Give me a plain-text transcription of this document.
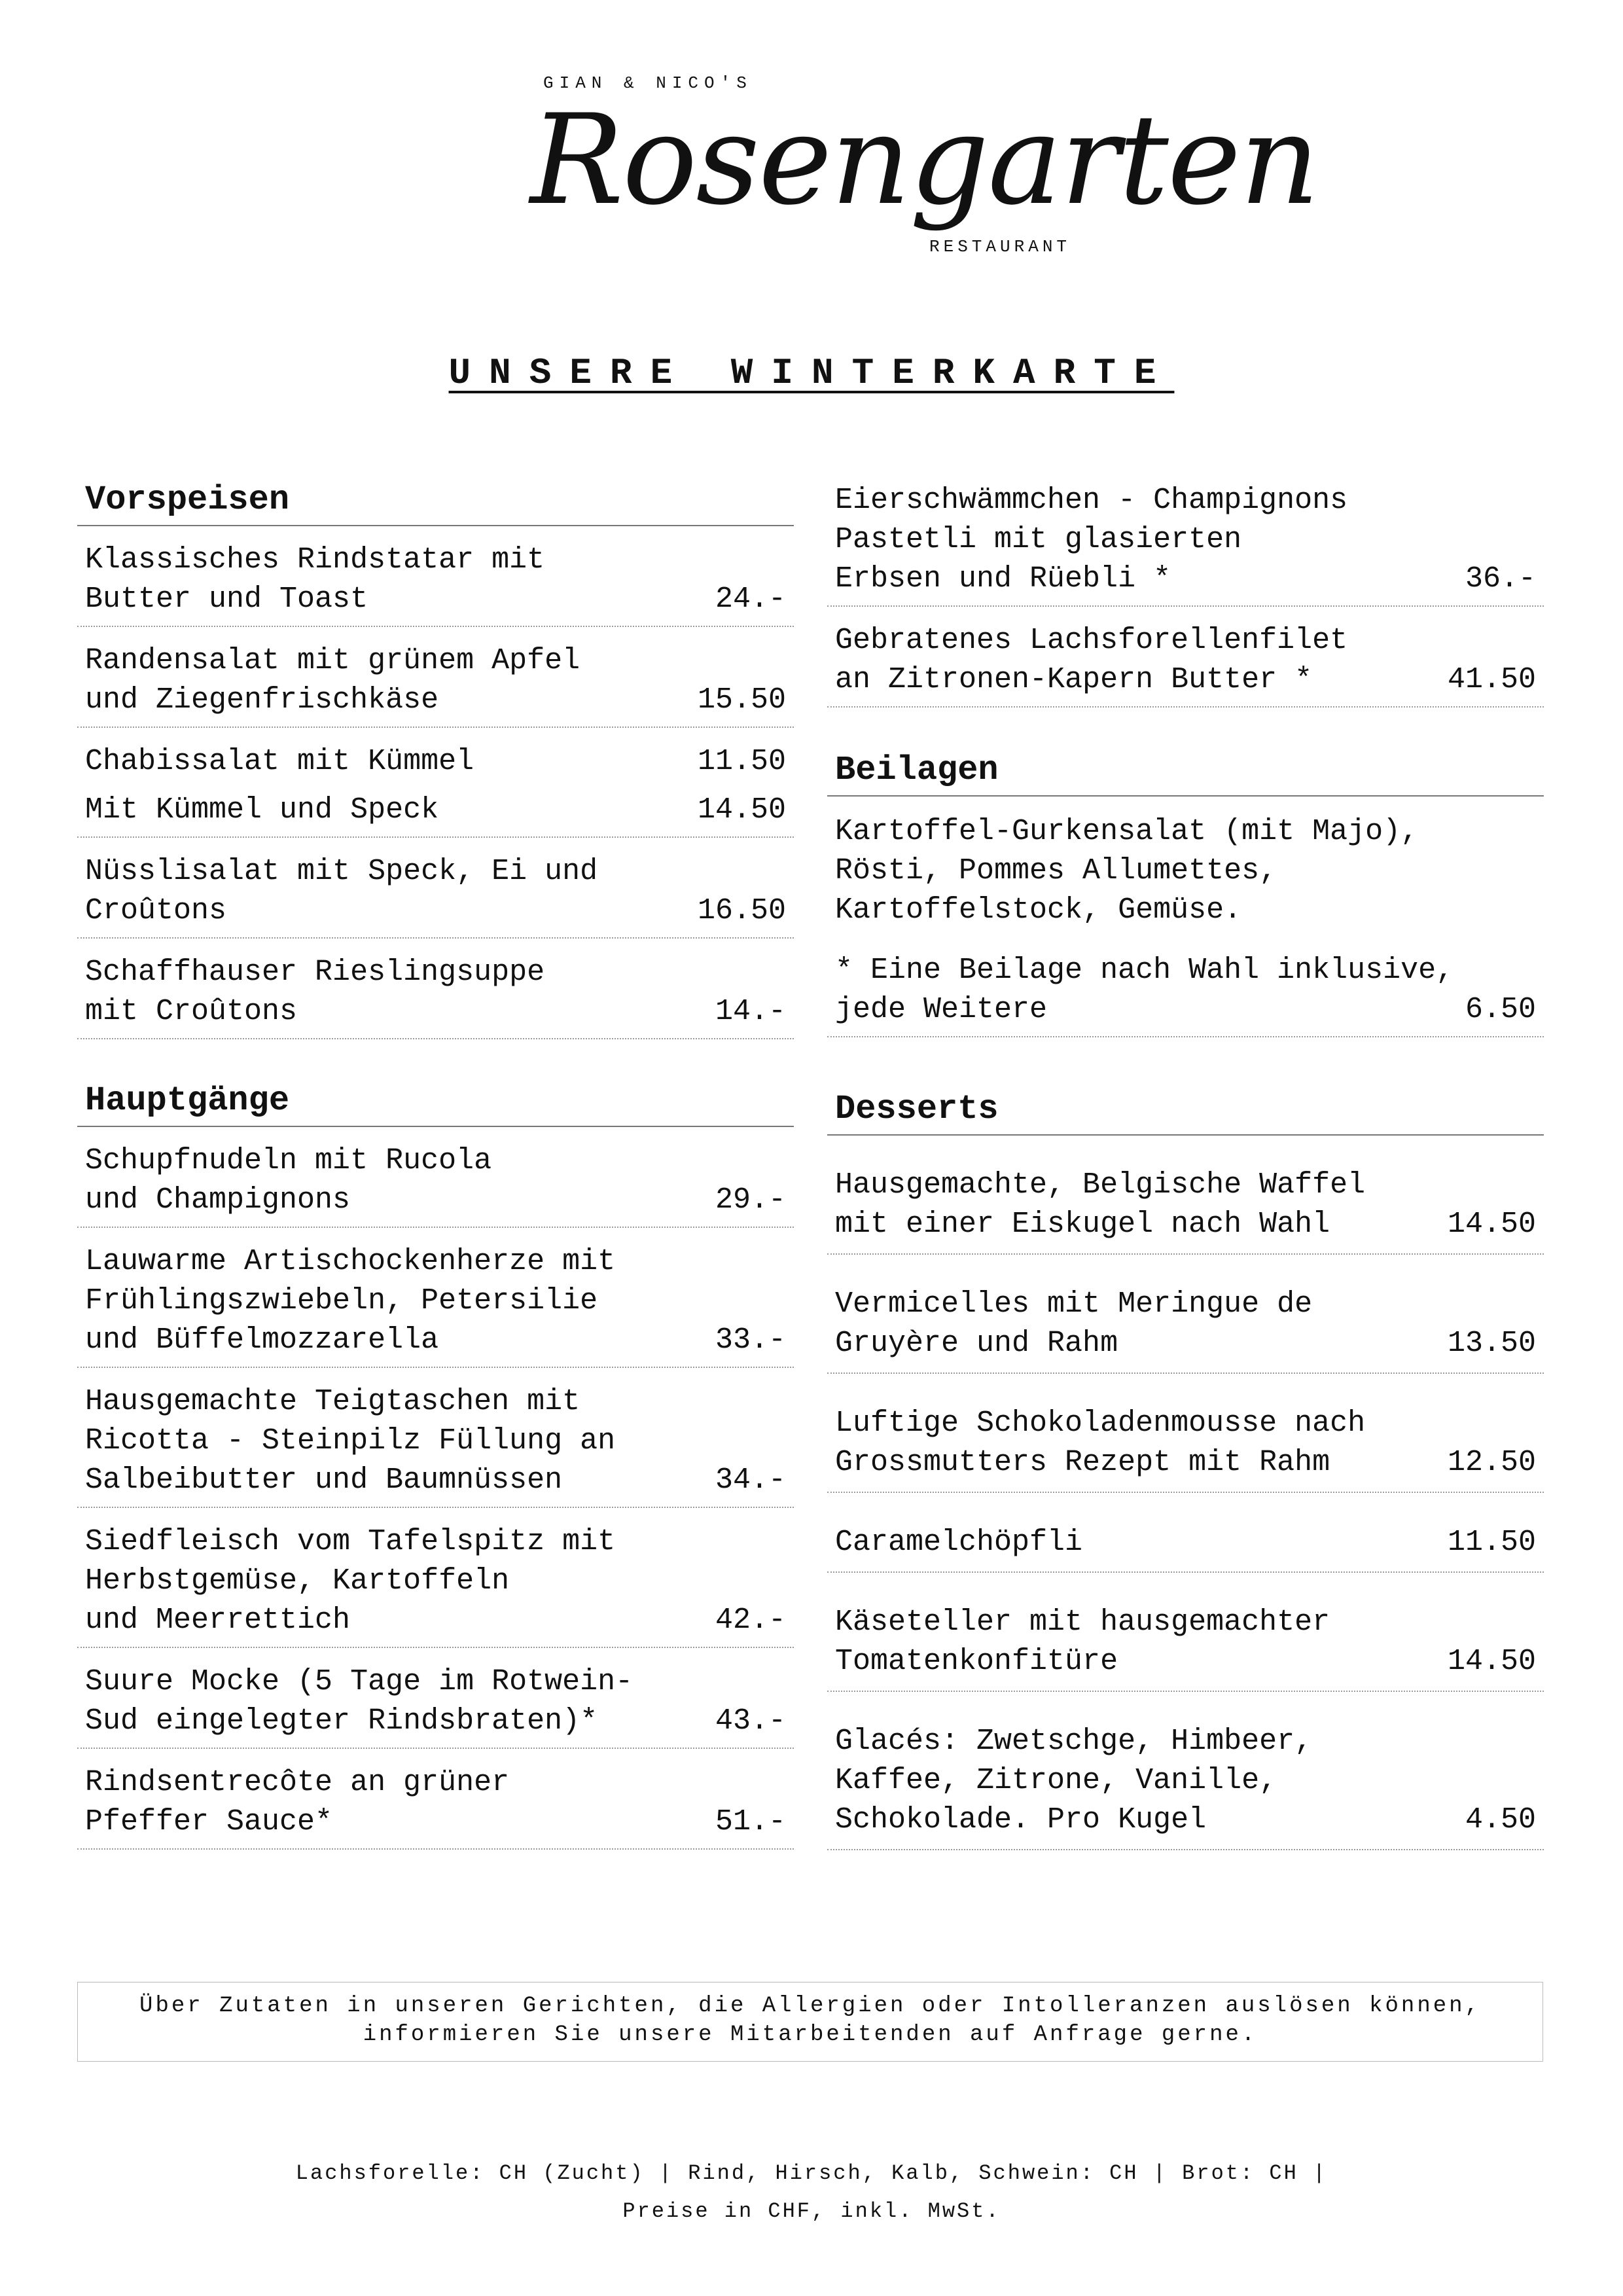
GIAN & NICO'S
Rosengarten
RESTAURANT
UNSERE WINTERKARTE
Vorspeisen
Klassisches Rindstatar mit
Butter und Toast	24.-
Randensalat mit grünem Apfel
und Ziegenfrischkäse	15.50
Chabissalat mit Kümmel	11.50
Mit Kümmel und Speck	14.50
Nüsslisalat mit Speck, Ei und
Croûtons	16.50
Schaffhauser Rieslingsuppe
mit Croûtons	14.-
Hauptgänge
Schupfnudeln mit Rucola
und Champignons	29.-
Lauwarme Artischockenherze mit
Frühlingszwiebeln, Petersilie
und Büffelmozzarella	33.-
Hausgemachte Teigtaschen mit
Ricotta - Steinpilz Füllung an
Salbeibutter und Baumnüssen	34.-
Siedfleisch vom Tafelspitz mit
Herbstgemüse, Kartoffeln
und Meerrettich	42.-
Suure Mocke (5 Tage im Rotwein-
Sud eingelegter Rindsbraten)*	43.-
Rindsentrecôte an grüner
Pfeffer Sauce*	51.-
Eierschwämmchen - Champignons
Pastetli mit glasierten
Erbsen und Rüebli *	36.-
Gebratenes Lachsforellenfilet
an Zitronen-Kapern Butter *	41.50
Beilagen
Kartoffel-Gurkensalat (mit Majo),
Rösti, Pommes Allumettes,
Kartoffelstock, Gemüse.
* Eine Beilage nach Wahl inklusive,
jede Weitere	6.50
Desserts
Hausgemachte, Belgische Waffel
mit einer Eiskugel nach Wahl	14.50
Vermicelles mit Meringue de
Gruyère und Rahm	13.50
Luftige Schokoladenmousse nach
Grossmutters Rezept mit Rahm	12.50
Caramelchöpfli	11.50
Käseteller mit hausgemachter
Tomatenkonfitüre	14.50
Glacés: Zwetschge, Himbeer,
Kaffee, Zitrone, Vanille,
Schokolade. Pro Kugel	4.50
Über Zutaten in unseren Gerichten, die Allergien oder Intolleranzen auslösen können,
informieren Sie unsere Mitarbeitenden auf Anfrage gerne.
Lachsforelle: CH (Zucht) | Rind, Hirsch, Kalb, Schwein: CH | Brot: CH |
Preise in CHF, inkl. MwSt.
